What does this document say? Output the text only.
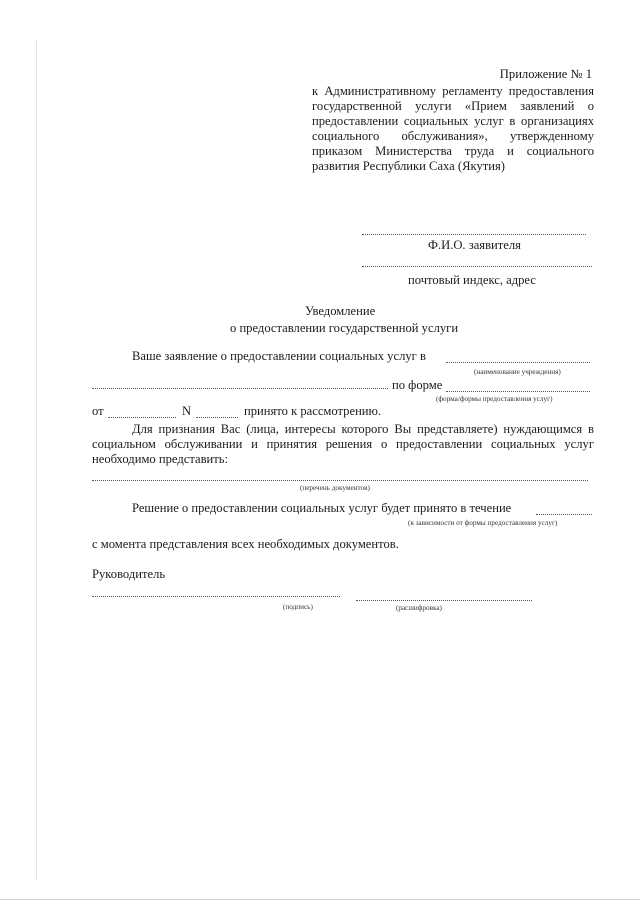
Приложение № 1
к Административному регламенту предоставления
государственной услуги «Прием заявлений о
предоставлении социальных услуг в организациях
социального обслуживания», утвержденному
приказом Министерства труда и социального
развития Республики Саха (Якутия)
Ф.И.О. заявителя
почтовый индекс, адрес
Уведомление
о предоставлении государственной услуги
Ваше заявление о предоставлении социальных услуг в
(наименование учреждения)
по форме
(форма/формы предоставления услуг)
от	N	принято к рассмотрению.
Для признания Вас (лица, интересы которого Вы представляете) нуждающимся в
социальном обслуживании и принятия решения о предоставлении социальных услуг
необходимо представить:
(перечень документов)
Решение о предоставлении социальных услуг будет принято в течение
(в зависимости от формы предоставления услуг)
с момента представления всех необходимых документов.
Руководитель
(подпись)	(расшифровка)
